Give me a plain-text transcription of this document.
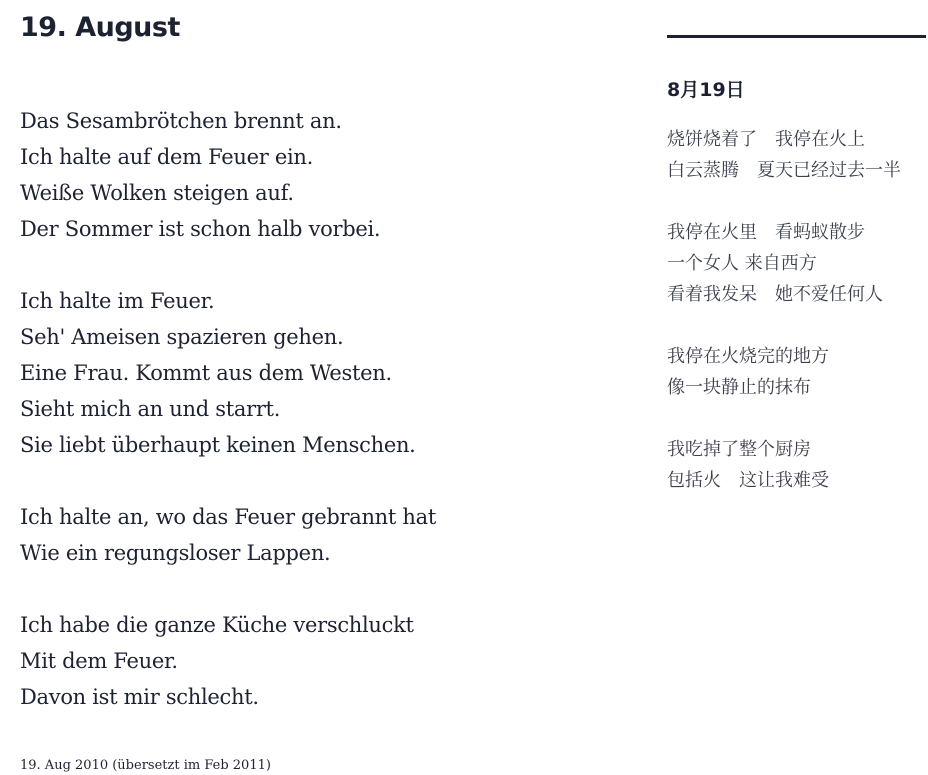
19. August
Das Sesambrötchen brennt an.
Ich halte auf dem Feuer ein.
Weiße Wolken steigen auf.
Der Sommer ist schon halb vorbei.
Ich halte im Feuer.
Seh' Ameisen spazieren gehen.
Eine Frau. Kommt aus dem Westen.
Sieht mich an und starrt.
Sie liebt überhaupt keinen Menschen.
Ich halte an, wo das Feuer gebrannt hat
Wie ein regungsloser Lappen.
Ich habe die ganze Küche verschluckt
Mit dem Feuer.
Davon ist mir schlecht.
19. Aug 2010 (übersetzt im Feb 2011)
8月19日
烧饼烧着了　我停在火上
白云蒸腾　夏天已经过去一半
我停在火里　看蚂蚁散步
一个女人 来自西方
看着我发呆　她不爱任何人
我停在火烧完的地方
像一块静止的抹布
我吃掉了整个厨房
包括火　这让我难受
